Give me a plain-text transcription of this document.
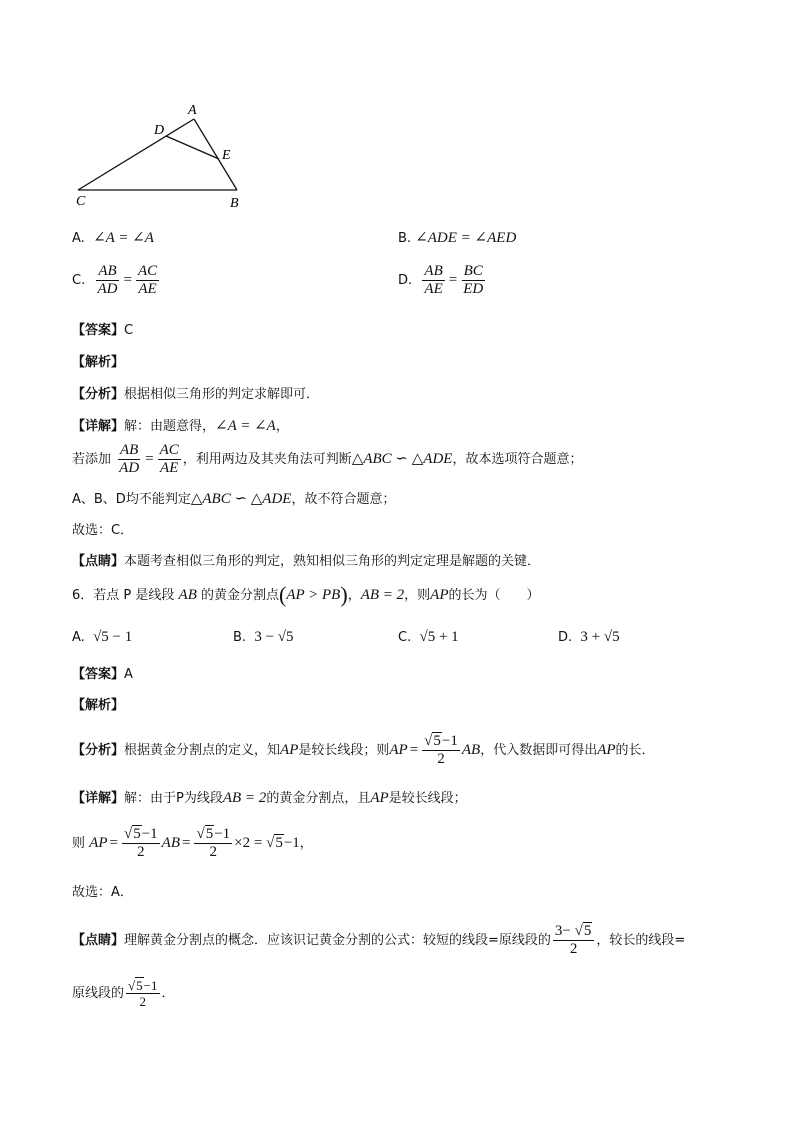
A
D
E
C	B
A. ∠A = ∠A	B. ∠ADE = ∠AED
C. $\frac{AB}{AD} = \frac{AC}{AE}$	D. $\frac{AB}{AE} = \frac{BC}{ED}$
【答案】C
【解析】
【分析】根据相似三角形的判定求解即可．
【详解】解：由题意得，∠A = ∠A，
若添加 $\frac{AB}{AD} = \frac{AC}{AE}$ ，利用两边及其夹角法可判断△ABC ∽ △ADE，故本选项符合题意；
A、B、D均不能判定△ABC ∽ △ADE，故不符合题意；
故选：C．
【点睛】本题考查相似三角形的判定，熟知相似三角形的判定定理是解题的关键．
6．若点 P 是线段 AB 的黄金分割点(AP > PB)，AB = 2，则AP的长为（　　）
A. √5 − 1	B. 3 − √5	C. √5 + 1	D. 3 + √5
【答案】A
【解析】
【分析】根据黄金分割点的定义，知AP是较长线段；则AP = $\frac{√5-1}{2}$ AB，代入数据即可得出AP的长．
【详解】解：由于P为线段AB = 2的黄金分割点，且AP是较长线段；
则 AP = $\frac{√5-1}{2}$ AB = $\frac{√5-1}{2} \times 2 = √5-1$，
故选：A．
【点睛】理解黄金分割点的概念．应该识记黄金分割的公式：较短的线段=原线段的 $\frac{3- √5}{2}$ ，较长的线段=
原线段的 $\frac{√5-1}{2}$ ．
